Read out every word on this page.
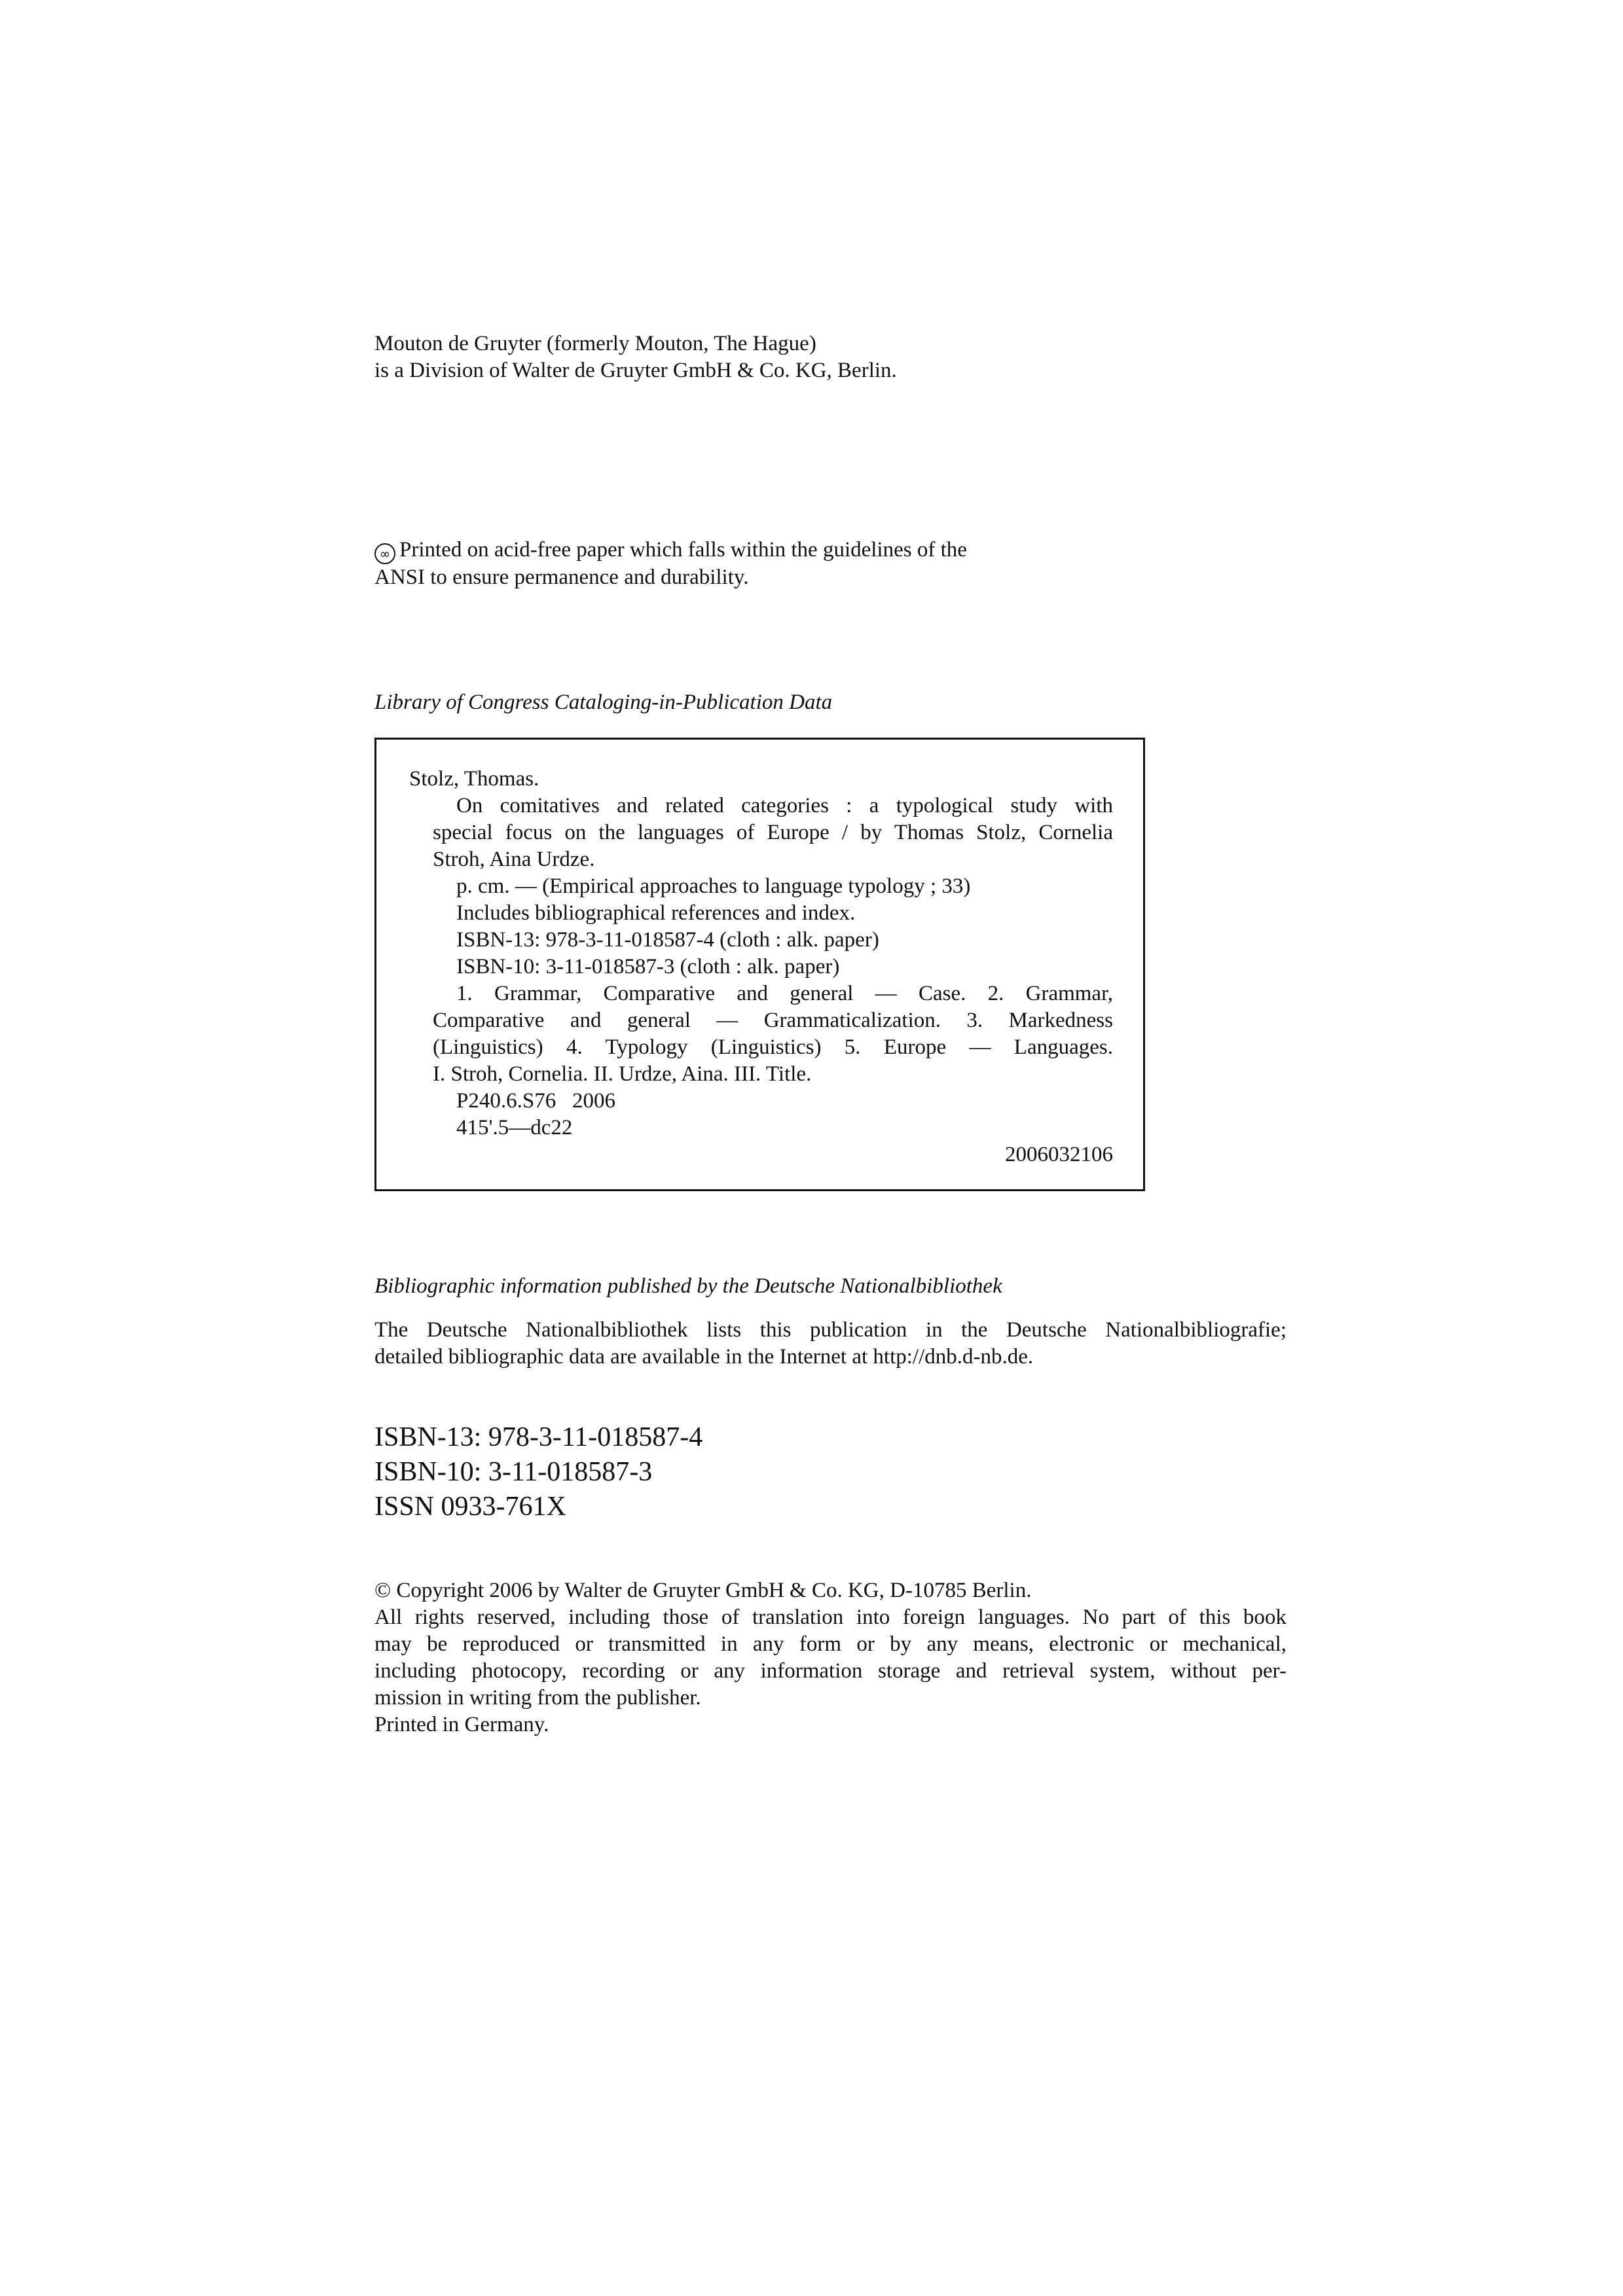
Mouton de Gruyter (formerly Mouton, The Hague)
is a Division of Walter de Gruyter GmbH & Co. KG, Berlin.
∞ Printed on acid-free paper which falls within the guidelines of the
ANSI to ensure permanence and durability.
Library of Congress Cataloging-in-Publication Data
Stolz, Thomas.
On comitatives and related categories : a typological study with
special focus on the languages of Europe / by Thomas Stolz, Cornelia
Stroh, Aina Urdze.
p. cm. — (Empirical approaches to language typology ; 33)
Includes bibliographical references and index.
ISBN-13: 978-3-11-018587-4 (cloth : alk. paper)
ISBN-10: 3-11-018587-3 (cloth : alk. paper)
1. Grammar, Comparative and general — Case. 2. Grammar,
Comparative and general — Grammaticalization. 3. Markedness
(Linguistics) 4. Typology (Linguistics) 5. Europe — Languages.
I. Stroh, Cornelia. II. Urdze, Aina. III. Title.
P240.6.S76   2006
415'.5—dc22
2006032106
Bibliographic information published by the Deutsche Nationalbibliothek
The Deutsche Nationalbibliothek lists this publication in the Deutsche Nationalbibliografie;
detailed bibliographic data are available in the Internet at http://dnb.d-nb.de.
ISBN-13: 978-3-11-018587-4
ISBN-10: 3-11-018587-3
ISSN 0933-761X
© Copyright 2006 by Walter de Gruyter GmbH & Co. KG, D-10785 Berlin.
All rights reserved, including those of translation into foreign languages. No part of this book
may be reproduced or transmitted in any form or by any means, electronic or mechanical,
including photocopy, recording or any information storage and retrieval system, without per-
mission in writing from the publisher.
Printed in Germany.
